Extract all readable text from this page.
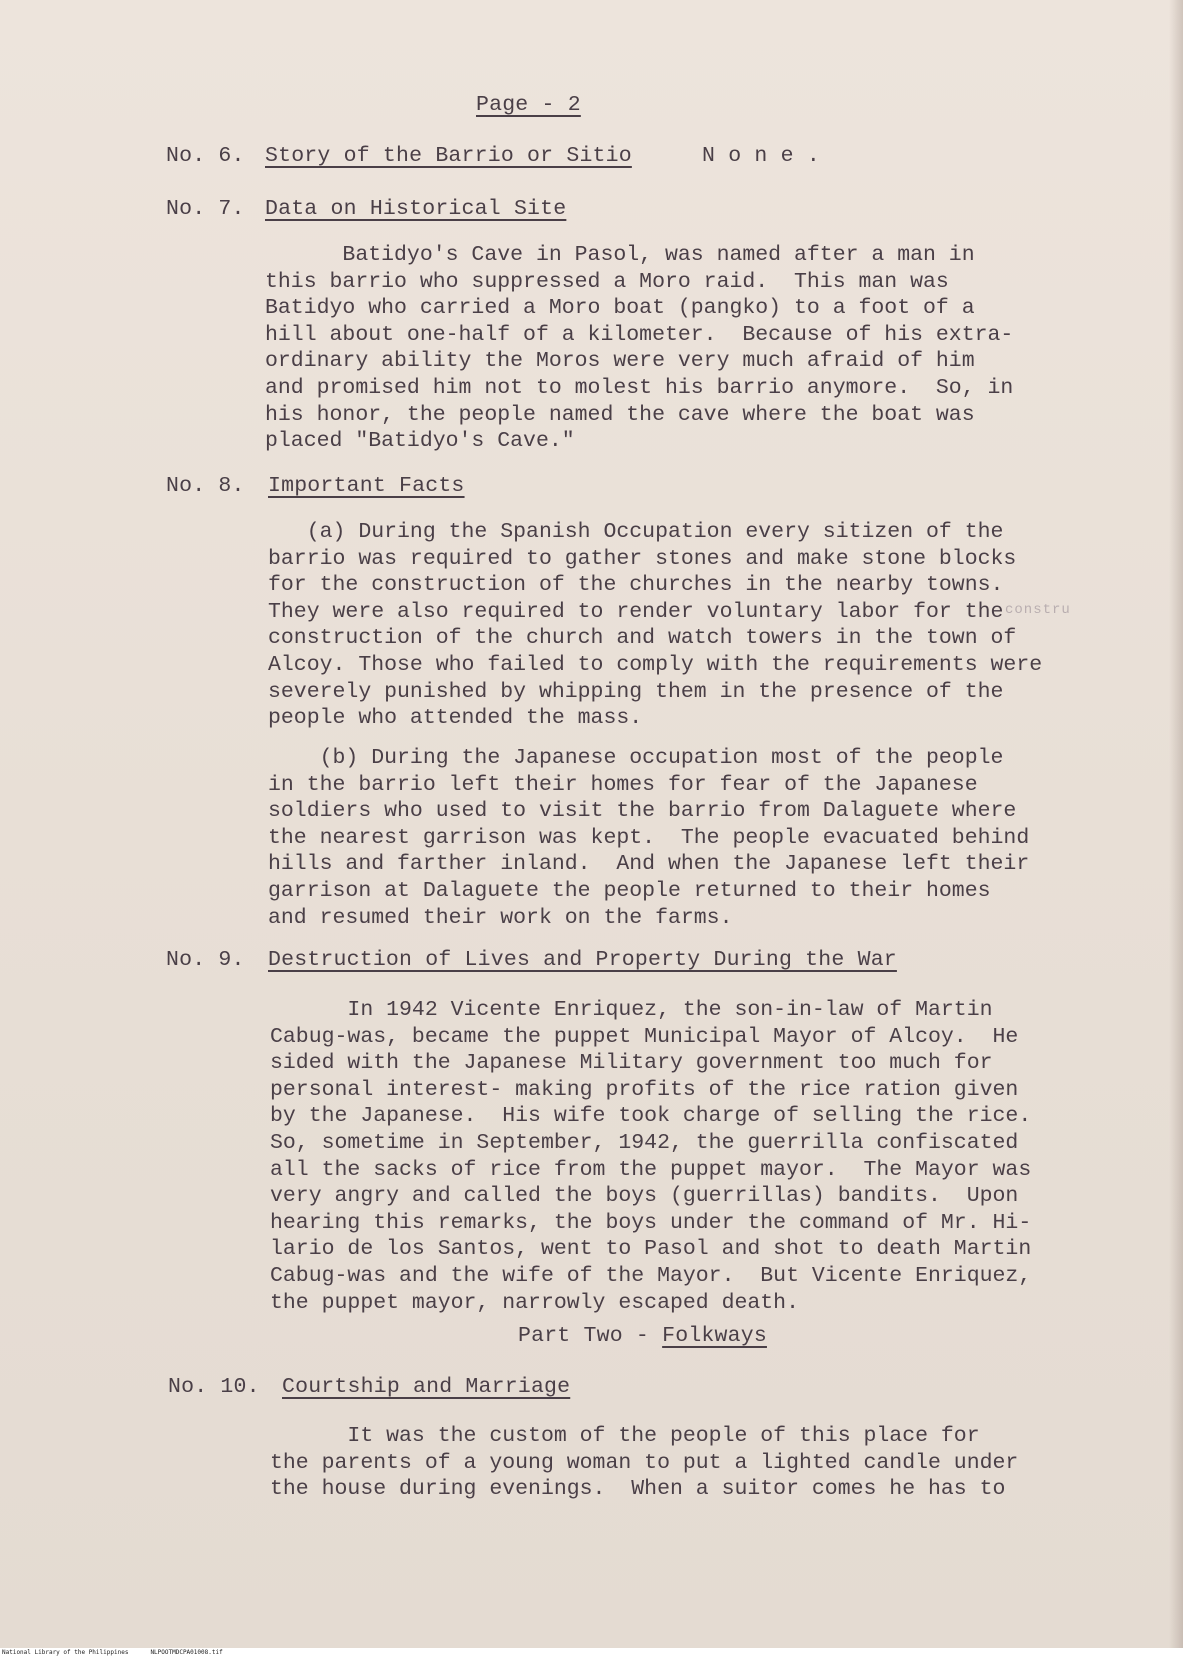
Page - 2
No. 6. Story of the Barrio or Sitio	N o n e .
No. 7. Data on Historical Site
Batidyo's Cave in Pasol, was named after a man in
this barrio who suppressed a Moro raid.  This man was
Batidyo who carried a Moro boat (pangko) to a foot of a
hill about one-half of a kilometer.  Because of his extra-
ordinary ability the Moros were very much afraid of him
and promised him not to molest his barrio anymore.  So, in
his honor, the people named the cave where the boat was
placed "Batidyo's Cave."
No. 8. Important Facts
(a) During the Spanish Occupation every sitizen of the
barrio was required to gather stones and make stone blocks
for the construction of the churches in the nearby towns.
They were also required to render voluntary labor for the
construction of the church and watch towers in the town of
Alcoy. Those who failed to comply with the requirements were
severely punished by whipping them in the presence of the
people who attended the mass.
constru
(b) During the Japanese occupation most of the people
in the barrio left their homes for fear of the Japanese
soldiers who used to visit the barrio from Dalaguete where
the nearest garrison was kept.  The people evacuated behind
hills and farther inland.  And when the Japanese left their
garrison at Dalaguete the people returned to their homes
and resumed their work on the farms.
No. 9. Destruction of Lives and Property During the War
In 1942 Vicente Enriquez, the son-in-law of Martin
Cabug-was, became the puppet Municipal Mayor of Alcoy.  He
sided with the Japanese Military government too much for
personal interest- making profits of the rice ration given
by the Japanese.  His wife took charge of selling the rice.
So, sometime in September, 1942, the guerrilla confiscated
all the sacks of rice from the puppet mayor.  The Mayor was
very angry and called the boys (guerrillas) bandits.  Upon
hearing this remarks, the boys under the command of Mr. Hi-
lario de los Santos, went to Pasol and shot to death Martin
Cabug-was and the wife of the Mayor.  But Vicente Enriquez,
the puppet mayor, narrowly escaped death.
Part Two - Folkways
No. 10. Courtship and Marriage
It was the custom of the people of this place for
the parents of a young woman to put a lighted candle under
the house during evenings.  When a suitor comes he has to
National Library of the Philippines	NLPOOTMDCPA01008.tif
